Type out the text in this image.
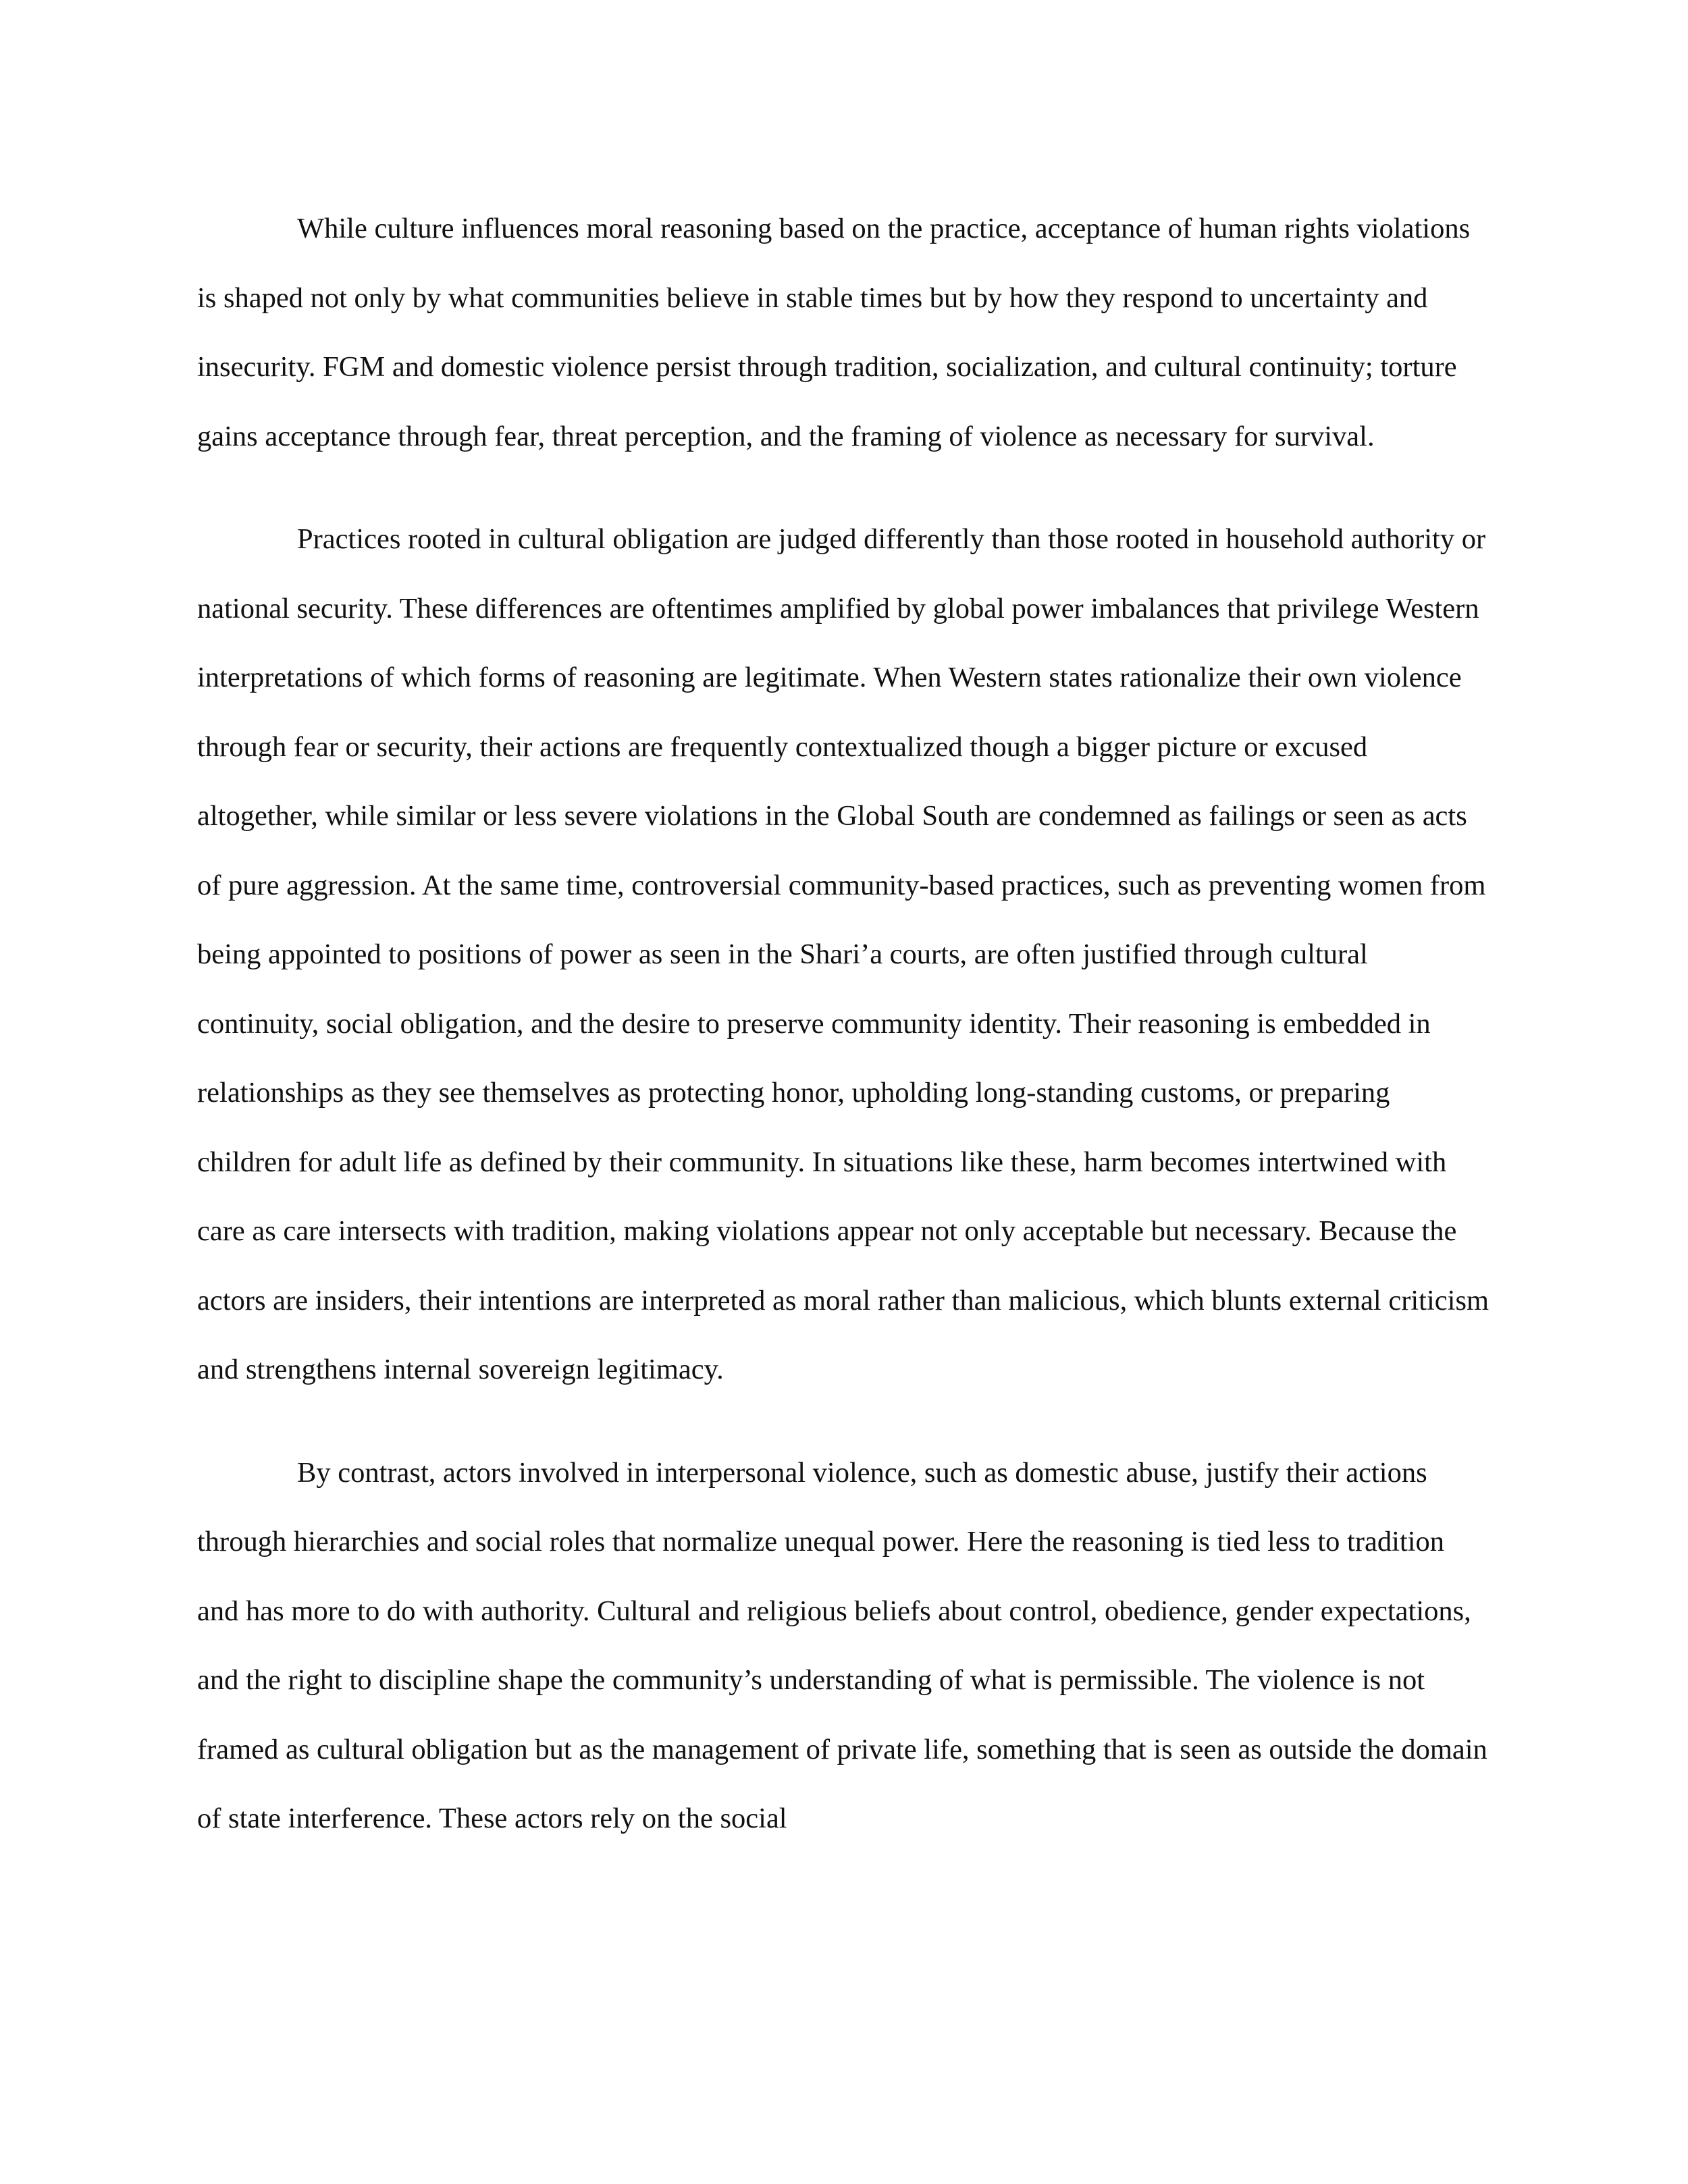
While culture influences moral reasoning based on the practice, acceptance of human rights violations is shaped not only by what communities believe in stable times but by how they respond to uncertainty and insecurity. FGM and domestic violence persist through tradition, socialization, and cultural continuity; torture gains acceptance through fear, threat perception, and the framing of violence as necessary for survival.

Practices rooted in cultural obligation are judged differently than those rooted in household authority or national security. These differences are oftentimes amplified by global power imbalances that privilege Western interpretations of which forms of reasoning are legitimate. When Western states rationalize their own violence through fear or security, their actions are frequently contextualized though a bigger picture or excused altogether, while similar or less severe violations in the Global South are condemned as failings or seen as acts of pure aggression. At the same time, controversial community-based practices, such as preventing women from being appointed to positions of power as seen in the Shari’a courts, are often justified through cultural continuity, social obligation, and the desire to preserve community identity. Their reasoning is embedded in relationships as they see themselves as protecting honor, upholding long-standing customs, or preparing children for adult life as defined by their community. In situations like these, harm becomes intertwined with care as care intersects with tradition, making violations appear not only acceptable but necessary. Because the actors are insiders, their intentions are interpreted as moral rather than malicious, which blunts external criticism and strengthens internal sovereign legitimacy.

By contrast, actors involved in interpersonal violence, such as domestic abuse, justify their actions through hierarchies and social roles that normalize unequal power. Here the reasoning is tied less to tradition and has more to do with authority. Cultural and religious beliefs about control, obedience, gender expectations, and the right to discipline shape the community’s understanding of what is permissible. The violence is not framed as cultural obligation but as the management of private life, something that is seen as outside the domain of state interference. These actors rely on the social
